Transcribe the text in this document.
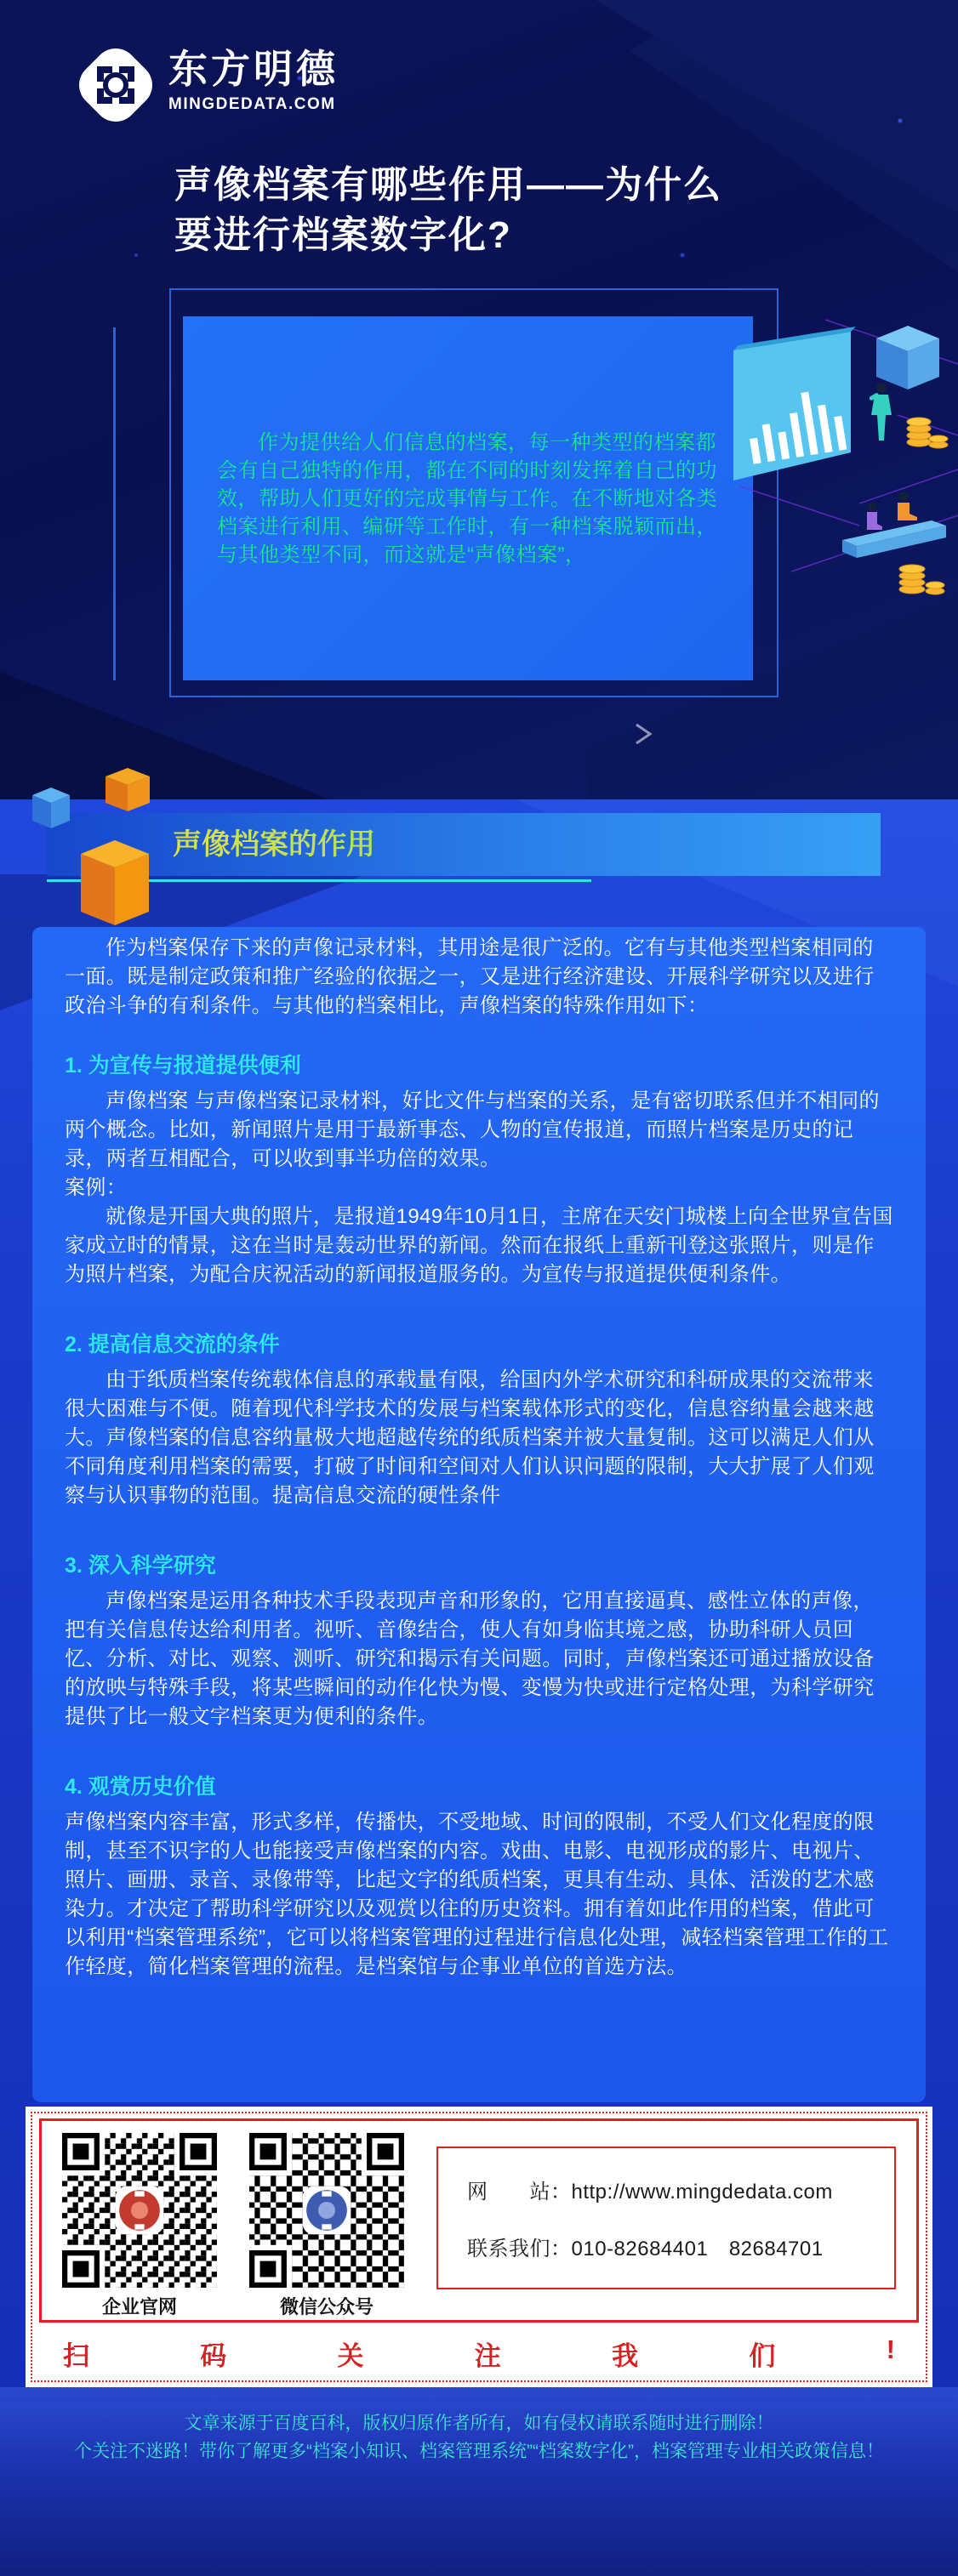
东方明德
MINGDEDATA.COM
声像档案有哪些作用——为什么
要进行档案数字化?
作为提供给人们信息的档案，每一种类型的档案都会有自己独特的作用，都在不同的时刻发挥着自己的功效，帮助人们更好的完成事情与工作。在不断地对各类档案进行利用、编研等工作时，有一种档案脱颖而出，与其他类型不同，而这就是“声像档案”，
声像档案的作用

作为档案保存下来的声像记录材料，其用途是很广泛的。它有与其他类型档案相同的一面。既是制定政策和推广经验的依据之一，又是进行经济建设、开展科学研究以及进行政治斗争的有利条件。与其他的档案相比，声像档案的特殊作用如下：

1. 为宣传与报道提供便利

声像档案 与声像档案记录材料，好比文件与档案的关系，是有密切联系但并不相同的两个概念。比如，新闻照片是用于最新事态、人物的宣传报道，而照片档案是历史的记录，两者互相配合，可以收到事半功倍的效果。

案例：

就像是开国大典的照片，是报道1949年10月1日，主席在天安门城楼上向全世界宣告国家成立时的情景，这在当时是轰动世界的新闻。然而在报纸上重新刊登这张照片，则是作为照片档案，为配合庆祝活动的新闻报道服务的。为宣传与报道提供便利条件。

2. 提高信息交流的条件

由于纸质档案传统载体信息的承载量有限，给国内外学术研究和科研成果的交流带来很大困难与不便。随着现代科学技术的发展与档案载体形式的变化，信息容纳量会越来越大。声像档案的信息容纳量极大地超越传统的纸质档案并被大量复制。这可以满足人们从不同角度利用档案的需要，打破了时间和空间对人们认识问题的限制，大大扩展了人们观察与认识事物的范围。提高信息交流的硬性条件

3. 深入科学研究

声像档案是运用各种技术手段表现声音和形象的，它用直接逼真、感性立体的声像，把有关信息传达给利用者。视听、音像结合，使人有如身临其境之感，协助科研人员回忆、分析、对比、观察、测听、研究和揭示有关问题。同时，声像档案还可通过播放设备的放映与特殊手段，将某些瞬间的动作化快为慢、变慢为快或进行定格处理，为科学研究提供了比一般文字档案更为便利的条件。

4. 观赏历史价值

声像档案内容丰富，形式多样，传播快，不受地域、时间的限制，不受人们文化程度的限制，甚至不识字的人也能接受声像档案的内容。戏曲、电影、电视形成的影片、电视片、照片、画册、录音、录像带等，比起文字的纸质档案，更具有生动、具体、活泼的艺术感染力。才决定了帮助科学研究以及观赏以往的历史资料。拥有着如此作用的档案，借此可以利用“档案管理系统”，它可以将档案管理的过程进行信息化处理，减轻档案管理工作的工作轻度，简化档案管理的流程。是档案馆与企事业单位的首选方法。

企业官网	微信公众号
网　　站：http://www.mingdedata.com
联系我们：010-82684401　82684701
扫	码	关	注	我	们	!

文章来源于百度百科，版权归原作者所有，如有侵权请联系随时进行删除！

个关注不迷路！带你了解更多“档案小知识、档案管理系统”“档案数字化”，档案管理专业相关政策信息！
